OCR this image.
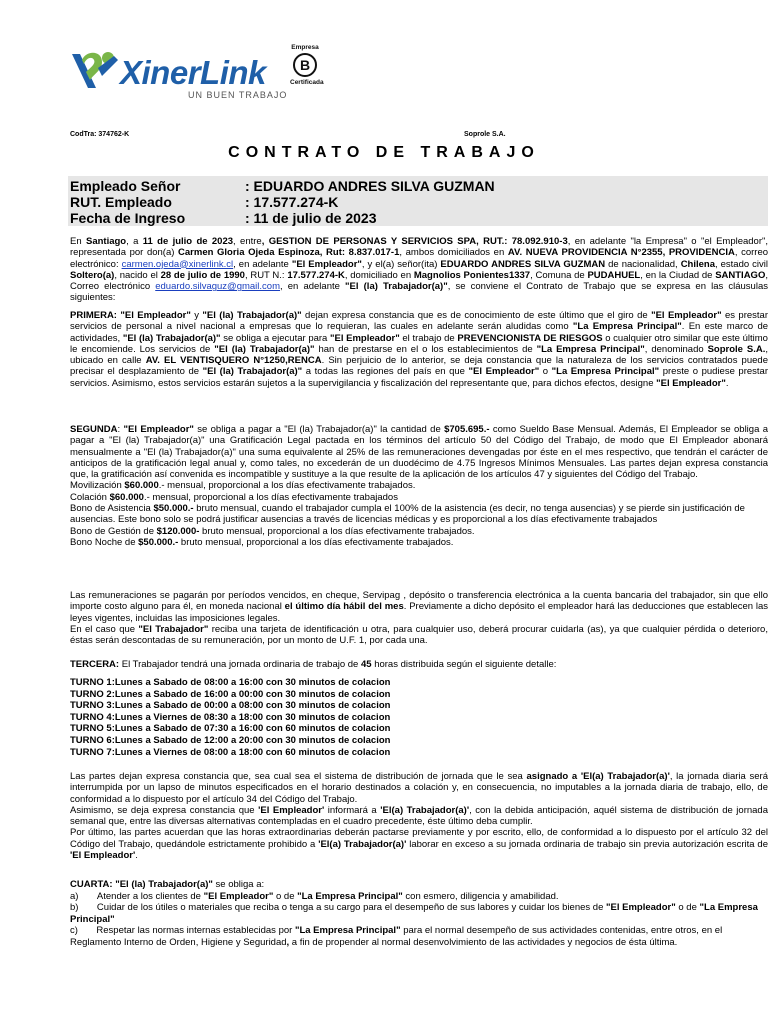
XinerLink
UN BUEN TRABAJO
Empresa
B
Certificada
CodTra: 374762-K	Soprole S.A.
CONTRATO DE TRABAJO
Empleado Señor	: EDUARDO ANDRES SILVA GUZMAN
RUT. Empleado	: 17.577.274-K
Fecha de Ingreso	: 11 de julio de 2023

En Santiago, a 11 de julio de 2023, entre, GESTION DE PERSONAS Y SERVICIOS SPA, RUT.: 78.092.910-3, en adelante "la Empresa" o "el Empleador", representada por don(a) Carmen Gloria Ojeda Espinoza, Rut: 8.837.017-1, ambos domiciliados en AV. NUEVA PROVIDENCIA N°2355, PROVIDENCIA, correo electrónico: carmen.ojeda@xinerlink.cl, en adelante "El Empleador", y el(a) señor(ita) EDUARDO ANDRES SILVA GUZMAN de nacionalidad, Chilena, estado civil Soltero(a), nacido el 28 de julio de 1990, RUT N.: 17.577.274-K, domiciliado en Magnolios Ponientes1337, Comuna de PUDAHUEL, en la Ciudad de SANTIAGO, Correo electrónico eduardo.silvaguz@gmail.com, en adelante "El (la) Trabajador(a)", se conviene el Contrato de Trabajo que se expresa en las cláusulas siguientes:

PRIMERA: "El Empleador" y "El (la) Trabajador(a)" dejan expresa constancia que es de conocimiento de este último que el giro de "El Empleador" es prestar servicios de personal a nivel nacional a empresas que lo requieran, las cuales en adelante serán aludidas como "La Empresa Principal". En este marco de actividades, "El (la) Trabajador(a)" se obliga a ejecutar para "El Empleador" el trabajo de PREVENCIONISTA DE RIESGOS o cualquier otro similar que este último le encomiende. Los servicios de "El (la) Trabajador(a)" han de prestarse en el o los establecimientos de "La Empresa Principal", denominado Soprole S.A., ubicado en calle AV. EL VENTISQUERO N°1250,RENCA. Sin perjuicio de lo anterior, se deja constancia que la naturaleza de los servicios contratados puede precisar el desplazamiento de "El (la) Trabajador(a)" a todas las regiones del país en que "El Empleador" o "La Empresa Principal" preste o pudiese prestar servicios. Asimismo, estos servicios estarán sujetos a la supervigilancia y fiscalización del representante que, para dichos efectos, designe "El Empleador".

SEGUNDA: "El Empleador" se obliga a pagar a "El (la) Trabajador(a)" la cantidad de $705.695.- como Sueldo Base Mensual. Además, El Empleador se obliga a pagar a "El (la) Trabajador(a)" una Gratificación Legal pactada en los términos del artículo 50 del Código del Trabajo, de modo que El Empleador abonará mensualmente a "El (la) Trabajador(a)" una suma equivalente al 25% de las remuneraciones devengadas por éste en el mes respectivo, que tendrán el carácter de anticipos de la gratificación legal anual y, como tales, no excederán de un duodécimo de 4.75 Ingresos Mínimos Mensuales. Las partes dejan expresa constancia que, la gratificación así convenida es incompatible y sustituye a la que resulte de la aplicación de los artículos 47 y siguientes del Código del Trabajo.

Movilización $60.000.- mensual, proporcional a los días efectivamente trabajados.

Colación $60.000.- mensual, proporcional a los días efectivamente trabajados

Bono de Asistencia $50.000.- bruto mensual, cuando el trabajador cumpla el 100% de la asistencia (es decir, no tenga ausencias) y se pierde sin justificación de ausencias. Este bono solo se podrá justificar ausencias a través de licencias médicas y es proporcional a los días efectivamente trabajados

Bono de Gestión de $120.000- bruto mensual, proporcional a los días efectivamente trabajados.

Bono Noche de $50.000.- bruto mensual, proporcional a los días efectivamente trabajados.

Las remuneraciones se pagarán por períodos vencidos, en cheque, Servipag , depósito o transferencia electrónica a la cuenta bancaria del trabajador, sin que ello importe costo alguno para él, en moneda nacional el último día hábil del mes. Previamente a dicho depósito el empleador hará las deducciones que establecen las leyes vigentes, incluidas las imposiciones legales.

En el caso que "El Trabajador" reciba una tarjeta de identificación u otra, para cualquier uso, deberá procurar cuidarla (as), ya que cualquier pérdida o deterioro, éstas serán descontadas de su remuneración, por un monto de U.F. 1, por cada una.

TERCERA: El Trabajador tendrá una jornada ordinaria de trabajo de 45 horas distribuida según el siguiente detalle:

TURNO 1:Lunes a Sabado de 08:00 a 16:00 con 30 minutos de colacion
TURNO 2:Lunes a Sabado de 16:00 a 00:00 con 30 minutos de colacion
TURNO 3:Lunes a Sabado de 00:00 a 08:00 con 30 minutos de colacion
TURNO 4:Lunes a Viernes de 08:30 a 18:00 con 30 minutos de colacion
TURNO 5:Lunes a Sabado de 07:30 a 16:00 con 60 minutos de colacion
TURNO 6:Lunes a Sabado de 12:00 a 20:00 con 30 minutos de colacion
TURNO 7:Lunes a Viernes de 08:00 a 18:00 con 60 minutos de colacion

Las partes dejan expresa constancia que, sea cual sea el sistema de distribución de jornada que le sea asignado a 'El(a) Trabajador(a)', la jornada diaria será interrumpida por un lapso de minutos especificados en el horario destinados a colación y, en consecuencia, no imputables a la jornada diaria de trabajo, ello, de conformidad a lo dispuesto por el artículo 34 del Código del Trabajo.

Asimismo, se deja expresa constancia que 'El Empleador' informará a 'El(a) Trabajador(a)', con la debida anticipación, aquél sistema de distribución de jornada semanal que, entre las diversas alternativas contempladas en el cuadro precedente, éste último deba cumplir.

Por último, las partes acuerdan que las horas extraordinarias deberán pactarse previamente y por escrito, ello, de conformidad a lo dispuesto por el artículo 32 del Código del Trabajo, quedándole estrictamente prohibido a 'El(a) Trabajador(a)' laborar en exceso a su jornada ordinaria de trabajo sin previa autorización escrita de 'El Empleador'.

CUARTA: "El (la) Trabajador(a)" se obliga a:
a)       Atender a los clientes de "El Empleador" o de "La Empresa Principal" con esmero, diligencia y amabilidad.
b)       Cuidar de los útiles o materiales que reciba o tenga a su cargo para el desempeño de sus labores y cuidar los bienes de "El Empleador" o de "La Empresa Principal"
c)       Respetar las normas internas establecidas por "La Empresa Principal" para el normal desempeño de sus actividades contenidas, entre otros, en el Reglamento Interno de Orden, Higiene y Seguridad, a fin de propender al normal desenvolvimiento de las actividades y negocios de ésta última.
